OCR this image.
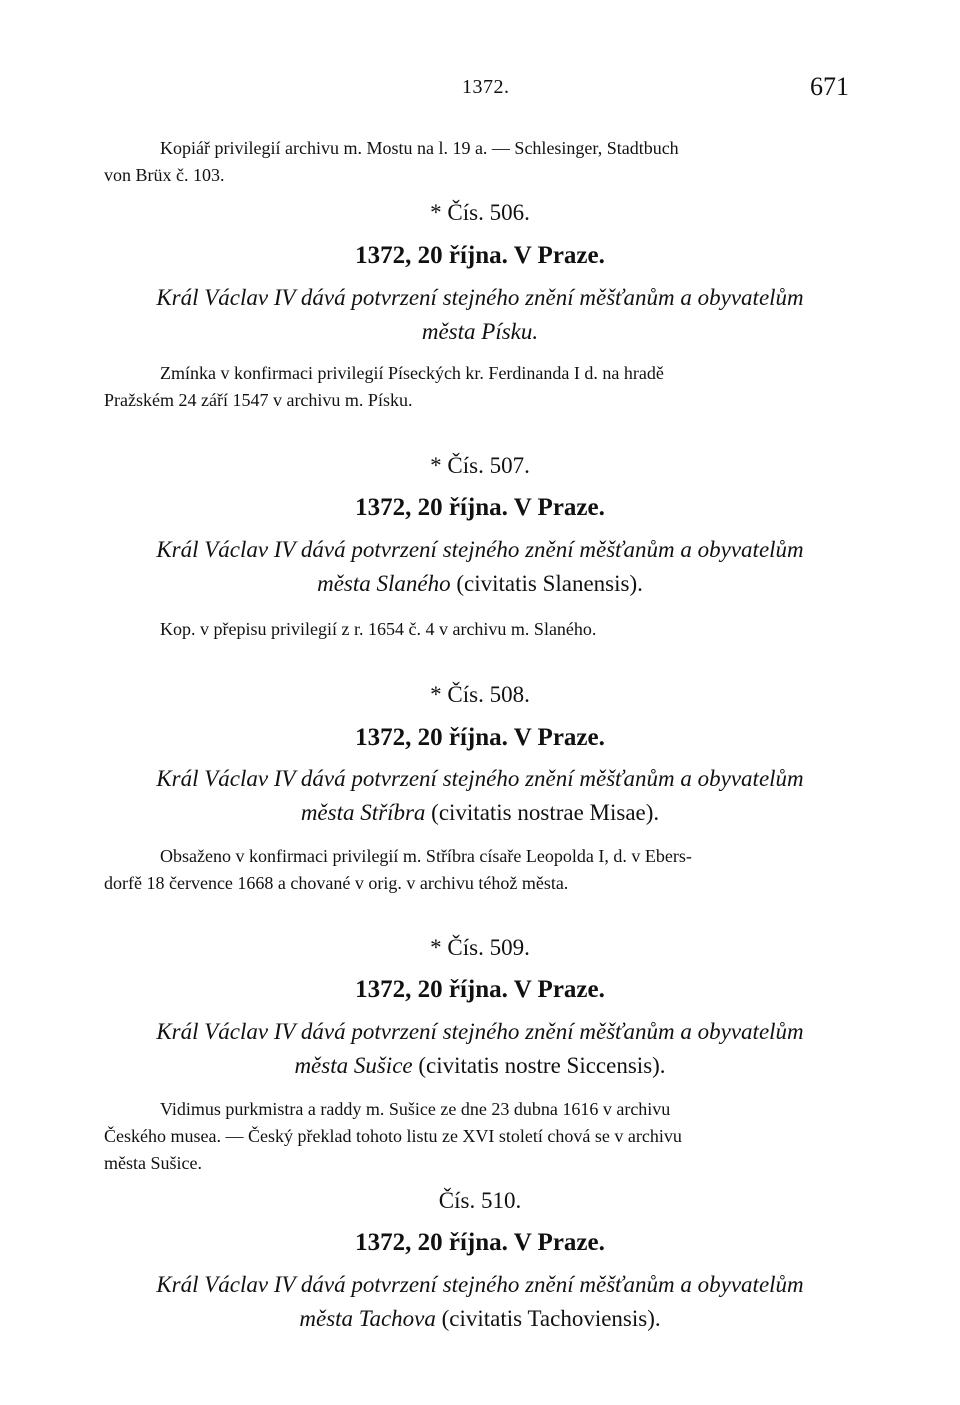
1372.	671
Kopiář privilegií archivu m. Mostu na l. 19 a. — Schlesinger, Stadtbuch
von Brüx č. 103.
* Čís. 506.
1372, 20 října. V Praze.
Král Václav IV dává potvrzení stejného znění měšťanům a obyvatelům
města Písku.
Zmínka v konfirmaci privilegií Píseckých kr. Ferdinanda I d. na hradě
Pražském 24 září 1547 v archivu m. Písku.
* Čís. 507.
1372, 20 října. V Praze.
Král Václav IV dává potvrzení stejného znění měšťanům a obyvatelům
města Slaného (civitatis Slanensis).
Kop. v přepisu privilegií z r. 1654 č. 4 v archivu m. Slaného.
* Čís. 508.
1372, 20 října. V Praze.
Král Václav IV dává potvrzení stejného znění měšťanům a obyvatelům
města Stříbra (civitatis nostrae Misae).
Obsaženo v konfirmaci privilegií m. Stříbra císaře Leopolda I, d. v Ebers-
dorfě 18 července 1668 a chované v orig. v archivu téhož města.
* Čís. 509.
1372, 20 října. V Praze.
Král Václav IV dává potvrzení stejného znění měšťanům a obyvatelům
města Sušice (civitatis nostre Siccensis).
Vidimus purkmistra a raddy m. Sušice ze dne 23 dubna 1616 v archivu
Českého musea. — Český překlad tohoto listu ze XVI století chová se v archivu
města Sušice.
Čís. 510.
1372, 20 října. V Praze.
Král Václav IV dává potvrzení stejného znění měšťanům a obyvatelům
města Tachova (civitatis Tachoviensis).
